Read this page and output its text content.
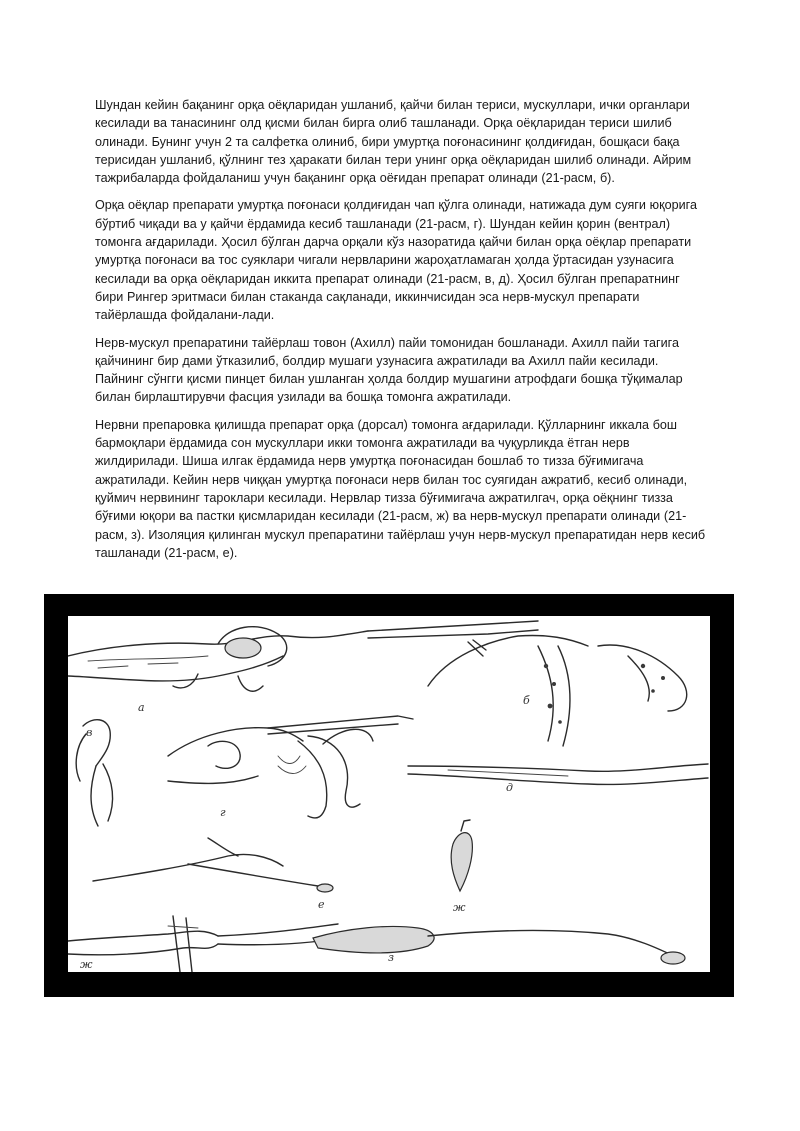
Шундан кейин бақанинг орқа оёқларидан ушланиб, қайчи билан териси, мускуллари, ички органлари кесилади ва танасининг олд қисми билан бирга олиб ташланади. Орқа оёқларидан териси шилиб олинади. Бунинг учун 2 та салфетка олиниб, бири умуртқа поғонасининг қолдиғидан, бошқаси бақа терисидан ушланиб, қўлнинг тез ҳаракати билан тери унинг орқа оёқларидан шилиб олинади. Айрим тажрибаларда фойдаланиш учун бақанинг орқа оёғидан препарат олинади (21-расм, б).

Орқа оёқлар препарати умуртқа поғонаси қолдиғидан чап қўлга олинади, натижада дум суяги юқорига бўртиб чиқади ва у қайчи ёрдамида кесиб ташланади (21-расм, г). Шундан кейин қорин (вентрал) томонга ағдарилади. Ҳосил бўлган дарча орқали кўз назоратида қайчи билан орқа оёқлар препарати умуртқа поғонаси ва тос суяклари чигали нервларини жароҳатламаган ҳолда ўртасидан узунасига кесилади ва орқа оёқларидан иккита препарат олинади (21-расм, в, д). Ҳосил бўлган препаратнинг бири Рингер эритмаси билан стаканда сақланади, иккинчисидан эса нерв-мускул препарати тайёрлашда фойдалани-лади.

Нерв-мускул препаратини тайёрлаш товон (Ахилл) пайи томонидан бошланади. Ахилл пайи тагига қайчининг бир дами ўтказилиб, болдир мушаги узунасига ажратилади ва Ахилл пайи кесилади. Пайнинг сўнгги қисми пинцет билан ушланган ҳолда болдир мушагини атрофдаги бошқа тўқималар билан бирлаштирувчи фасция узилади ва бошқа томонга ажратилади.

Нервни препаровка қилишда препарат орқа (дорсал) томонга ағдарилади. Қўлларнинг иккала бош бармоқлари ёрдамида сон мускуллари икки томонга ажратилади ва чуқурликда ётган нерв жилдирилади. Шиша илгак ёрдамида нерв умуртқа поғонасидан бошлаб то тизза бўғимигача ажратилади. Кейин нерв чиққан умуртқа поғонаси нерв билан тос суягидан ажратиб, кесиб олинади, қуймич нервининг тароклари кесилади. Нервлар тизза бўғимигача ажратилгач, орқа оёқнинг тизза бўғими юқори ва пастки қисмларидан кесилади (21-расм, ж) ва нерв-мускул препарати олинади (21-расм, з). Изоляция қилинган мускул препаратини тайёрлаш учун нерв-мускул препаратидан нерв кесиб ташланади (21-расм, е).

а
б
в
г
д
е	ж
з
ж
